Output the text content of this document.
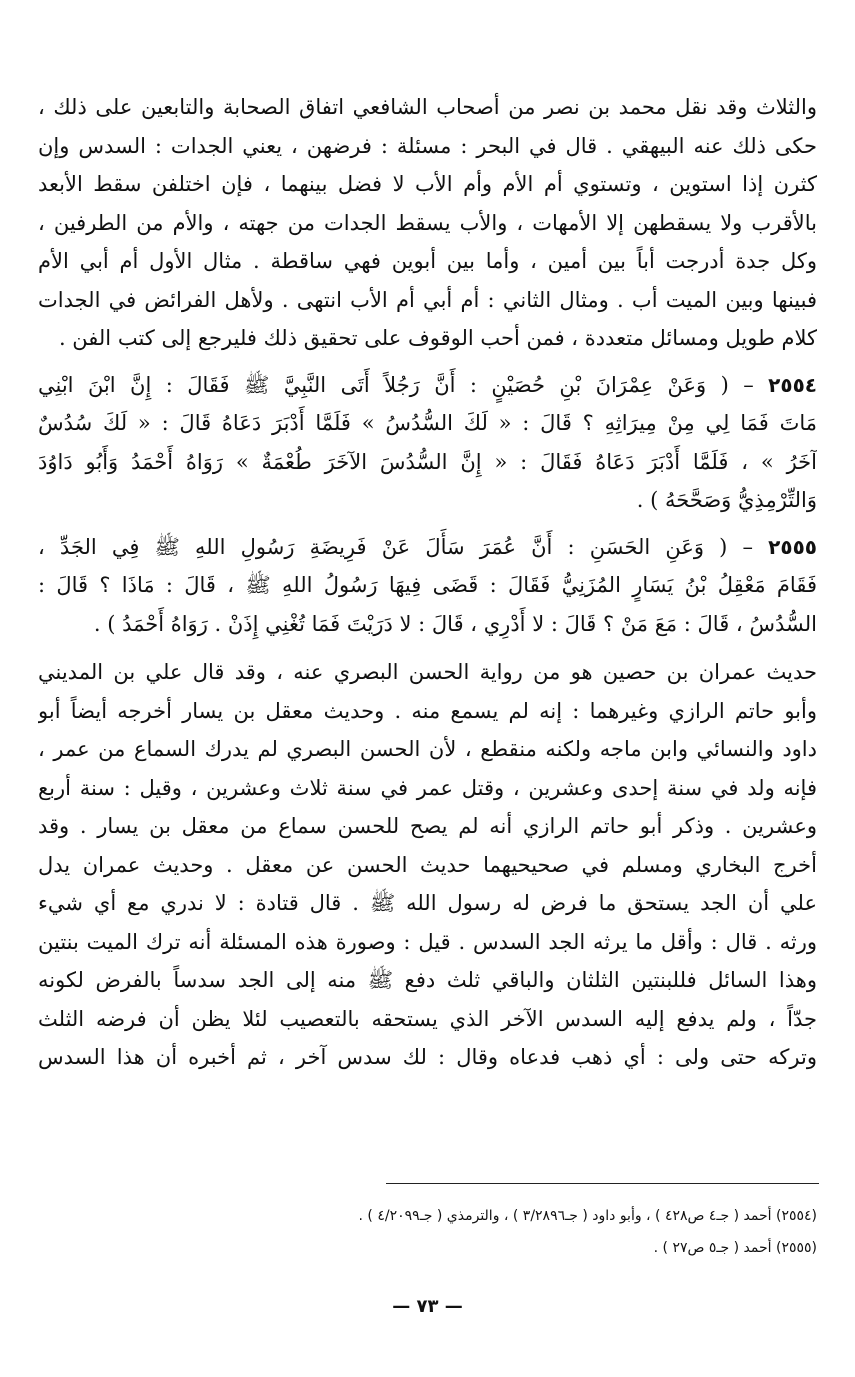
والثلاث وقد نقل محمد بن نصر من أصحاب الشافعي اتفاق الصحابة والتابعين على ذلك ،
حكى ذلك عنه البيهقي . قال في البحر : مسئلة : فرضهن ، يعني الجدات : السدس وإن
كثرن إذا استوين ، وتستوي أم الأم وأم الأب لا فضل بينهما ، فإن اختلفن سقط الأبعد
بالأقرب ولا يسقطهن إلا الأمهات ، والأب يسقط الجدات من جهته ، والأم من الطرفين ،
وكل جدة أدرجت أباً بين أمين ، وأما بين أبوين فهي ساقطة . مثال الأول أم أبي الأم
فبينها وبين الميت أب . ومثال الثاني : أم أبي أم الأب انتهى . ولأهل الفرائض في الجدات
كلام طويل ومسائل متعددة ، فمن أحب الوقوف على تحقيق ذلك فليرجع إلى كتب الفن .
٢٥٥٤ – ( وَعَنْ عِمْرَانَ بْنِ حُصَيْنٍ : أَنَّ رَجُلاً أَتَى النَّبِيَّ ﷺ فَقَالَ : إِنَّ ابْنَ ابْنِي
مَاتَ فَمَا لِي مِنْ مِيرَاثِهِ ؟ قَالَ : « لَكَ السُّدُسُ » فَلَمَّا أَدْبَرَ دَعَاهُ قَالَ : « لَكَ سُدُسٌ
آخَرُ » ، فَلَمَّا أَدْبَرَ دَعَاهُ فَقَالَ : « إِنَّ السُّدُسَ الآخَرَ طُعْمَةٌ » رَوَاهُ أَحْمَدُ وَأَبُو دَاوُدَ
وَالتِّرْمِذِيُّ وَصَحَّحَهُ ) .
٢٥٥٥ – ( وَعَنِ الحَسَنِ : أَنَّ عُمَرَ سَأَلَ عَنْ فَرِيضَةِ رَسُولِ اللهِ ﷺ فِي الجَدِّ ،
فَقَامَ مَعْقِلُ بْنُ يَسَارٍ المُزَنِيُّ فَقَالَ : قَضَى فِيهَا رَسُولُ اللهِ ﷺ ، قَالَ : مَاذَا ؟ قَالَ :
السُّدُسُ ، قَالَ : مَعَ مَنْ ؟ قَالَ : لا أَدْرِي ، قَالَ : لا دَرَيْتَ فَمَا تُغْنِي إِذَنْ . رَوَاهُ أَحْمَدُ ) .
حديث عمران بن حصين هو من رواية الحسن البصري عنه ، وقد قال علي بن المديني
وأبو حاتم الرازي وغيرهما : إنه لم يسمع منه . وحديث معقل بن يسار أخرجه أيضاً أبو
داود والنسائي وابن ماجه ولكنه منقطع ، لأن الحسن البصري لم يدرك السماع من عمر ،
فإنه ولد في سنة إحدى وعشرين ، وقتل عمر في سنة ثلاث وعشرين ، وقيل : سنة أربع
وعشرين . وذكر أبو حاتم الرازي أنه لم يصح للحسن سماع من معقل بن يسار . وقد
أخرج البخاري ومسلم في صحيحيهما حديث الحسن عن معقل . وحديث عمران يدل
علي أن الجد يستحق ما فرض له رسول الله ﷺ . قال قتادة : لا ندري مع أي شيء
ورثه . قال : وأقل ما يرثه الجد السدس . قيل : وصورة هذه المسئلة أنه ترك الميت بنتين
وهذا السائل فللبنتين الثلثان والباقي ثلث دفع ﷺ منه إلى الجد سدساً بالفرض لكونه
جدّاً ، ولم يدفع إليه السدس الآخر الذي يستحقه بالتعصيب لئلا يظن أن فرضه الثلث
وتركه حتى ولى : أي ذهب فدعاه وقال : لك سدس آخر ، ثم أخبره أن هذا السدس
(٢٥٥٤) أحمد ( جـ٤ ص٤٢٨ ) ، وأبو داود ( جـ٣/٢٨٩٦ ) ، والترمذي ( جـ٤/٢٠٩٩ ) .
(٢٥٥٥) أحمد ( جـ٥ ص٢٧ ) .
— ٧٣ —
